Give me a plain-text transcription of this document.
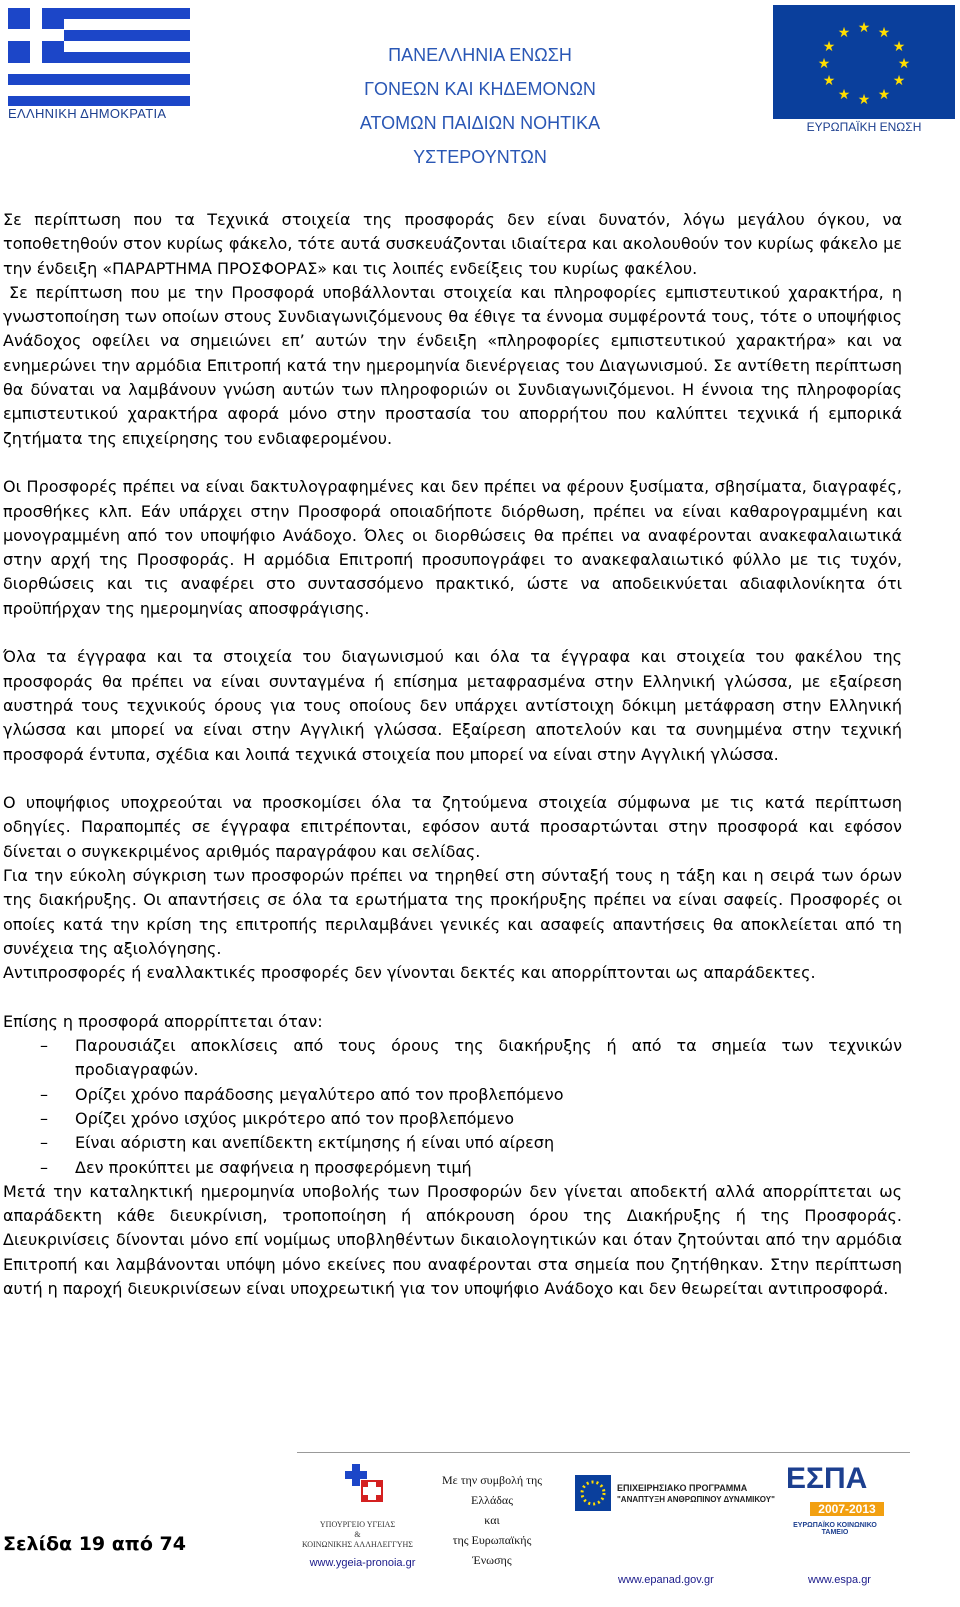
ΕΛΛΗΝΙΚΗ ΔΗΜΟΚΡΑΤΙΑ
ΠΑΝΕΛΛΗΝΙΑ ΕΝΩΣΗ
ΓΟΝΕΩΝ ΚΑΙ ΚΗΔΕΜΟΝΩΝ
ΑΤΟΜΩΝ ΠΑΙΔΙΩΝ ΝΟΗΤΙΚΑ ΥΣΤΕΡΟΥΝΤΩΝ
★ ★
★
★
★
★
★
★
★
★
★
★
ΕΥΡΩΠΑΪΚΗ ΕΝΩΣΗ

Σε περίπτωση που τα Τεχνικά στοιχεία της προσφοράς δεν είναι δυνατόν, λόγω μεγάλου όγκου, να τοποθετηθούν στον κυρίως φάκελο, τότε αυτά συσκευάζονται ιδιαίτερα και ακολουθούν τον κυρίως φάκελο με την ένδειξη «ΠΑΡΑΡΤΗΜΑ ΠΡΟΣΦΟΡΑΣ» και τις λοιπές ενδείξεις του κυρίως φακέλου.

Σε περίπτωση που με την Προσφορά υποβάλλονται στοιχεία και πληροφορίες εμπιστευτικού χαρακτήρα, η γνωστοποίηση των οποίων στους Συνδιαγωνιζόμενους θα έθιγε τα έννομα συμφέροντά τους, τότε ο υποψήφιος Ανάδοχος οφείλει να σημειώνει επ’ αυτών την ένδειξη «πληροφορίες εμπιστευτικού χαρακτήρα» και να ενημερώνει την αρμόδια Επιτροπή κατά την ημερομηνία διενέργειας του Διαγωνισμού. Σε αντίθετη περίπτωση θα δύναται να λαμβάνουν γνώση αυτών των πληροφοριών οι Συνδιαγωνιζόμενοι. Η έννοια της πληροφορίας εμπιστευτικού χαρακτήρα αφορά μόνο στην προστασία του απορρήτου που καλύπτει τεχνικά ή εμπορικά ζητήματα της επιχείρησης του ενδιαφερομένου.

Οι Προσφορές πρέπει να είναι δακτυλογραφημένες και δεν πρέπει να φέρουν ξυσίματα, σβησίματα, διαγραφές, προσθήκες κλπ. Εάν υπάρχει στην Προσφορά οποιαδήποτε διόρθωση, πρέπει να είναι καθαρογραμμένη και μονογραμμένη από τον υποψήφιο Ανάδοχο. Όλες οι διορθώσεις θα πρέπει να αναφέρονται ανακεφαλαιωτικά στην αρχή της Προσφοράς. Η αρμόδια Επιτροπή προσυπογράφει το ανακεφαλαιωτικό φύλλο με τις τυχόν, διορθώσεις και τις αναφέρει στο συντασσόμενο πρακτικό, ώστε να αποδεικνύεται αδιαφιλονίκητα ότι προϋπήρχαν της ημερομηνίας αποσφράγισης.

Όλα τα έγγραφα και τα στοιχεία του διαγωνισμού και όλα τα έγγραφα και στοιχεία του φακέλου της προσφοράς θα πρέπει να είναι συνταγμένα ή επίσημα μεταφρασμένα στην Ελληνική γλώσσα, με εξαίρεση αυστηρά τους τεχνικούς όρους για τους οποίους δεν υπάρχει αντίστοιχη δόκιμη μετάφραση στην Ελληνική γλώσσα και μπορεί να είναι στην Αγγλική γλώσσα. Εξαίρεση αποτελούν και τα συνημμένα στην τεχνική προσφορά έντυπα, σχέδια και λοιπά τεχνικά στοιχεία που μπορεί να είναι στην Αγγλική γλώσσα.

Ο υποψήφιος υποχρεούται να προσκομίσει όλα τα ζητούμενα στοιχεία σύμφωνα με τις κατά περίπτωση οδηγίες. Παραπομπές σε έγγραφα επιτρέπονται, εφόσον αυτά προσαρτώνται στην προσφορά και εφόσον δίνεται ο συγκεκριμένος αριθμός παραγράφου και σελίδας.

Για την εύκολη σύγκριση των προσφορών πρέπει να τηρηθεί στη σύνταξή τους η τάξη και η σειρά των όρων της διακήρυξης. Οι απαντήσεις σε όλα τα ερωτήματα της προκήρυξης πρέπει να είναι σαφείς. Προσφορές οι οποίες κατά την κρίση της επιτροπής περιλαμβάνει γενικές και ασαφείς απαντήσεις θα αποκλείεται από τη συνέχεια της αξιολόγησης.

Αντιπροσφορές ή εναλλακτικές προσφορές δεν γίνονται δεκτές και απορρίπτονται ως απαράδεκτες.

Επίσης η προσφορά απορρίπτεται όταν:

–	Παρουσιάζει αποκλίσεις από τους όρους της διακήρυξης ή από τα σημεία των τεχνικών προδιαγραφών.
–	Ορίζει χρόνο παράδοσης μεγαλύτερο από τον προβλεπόμενο
–	Ορίζει χρόνο ισχύος μικρότερο από τον προβλεπόμενο
–	Είναι αόριστη και ανεπίδεκτη εκτίμησης ή είναι υπό αίρεση
–	Δεν προκύπτει με σαφήνεια η προσφερόμενη τιμή

Μετά την καταληκτική ημερομηνία υποβολής των Προσφορών δεν γίνεται αποδεκτή αλλά απορρίπτεται ως απαράδεκτη κάθε διευκρίνιση, τροποποίηση ή απόκρουση όρου της Διακήρυξης ή της Προσφοράς. Διευκρινίσεις δίνονται μόνο επί νομίμως υποβληθέντων δικαιολογητικών και όταν ζητούνται από την αρμόδια Επιτροπή και λαμβάνονται υπόψη μόνο εκείνες που αναφέρονται στα σημεία που ζητήθηκαν. Στην περίπτωση αυτή η παροχή διευκρινίσεων είναι υποχρεωτική για τον υποψήφιο Ανάδοχο και δεν θεωρείται αντιπροσφορά.

Σελίδα 19 από 74
ΥΠΟΥΡΓΕΙΟ ΥΓΕΙΑΣ
&
ΚΟΙΝΩΝΙΚΗΣ ΑΛΛΗΛΕΓΓΥΗΣ
www.ygeia-pronoia.gr
Με την συμβολή της
Ελλάδας
και
της Ευρωπαϊκής
Ένωσης
ΕΠΙΧΕΙΡΗΣΙΑΚΟ ΠΡΟΓΡΑΜΜΑ
"ΑΝΑΠΤΥΞΗ ΑΝΘΡΩΠΙΝΟΥ ΔΥΝΑΜΙΚΟΥ"
www.epanad.gov.gr
ΕΣΠΑ
2007-2013
ΕΥΡΩΠΑΪΚΟ ΚΟΙΝΩΝΙΚΟ ΤΑΜΕΙΟ
www.espa.gr
